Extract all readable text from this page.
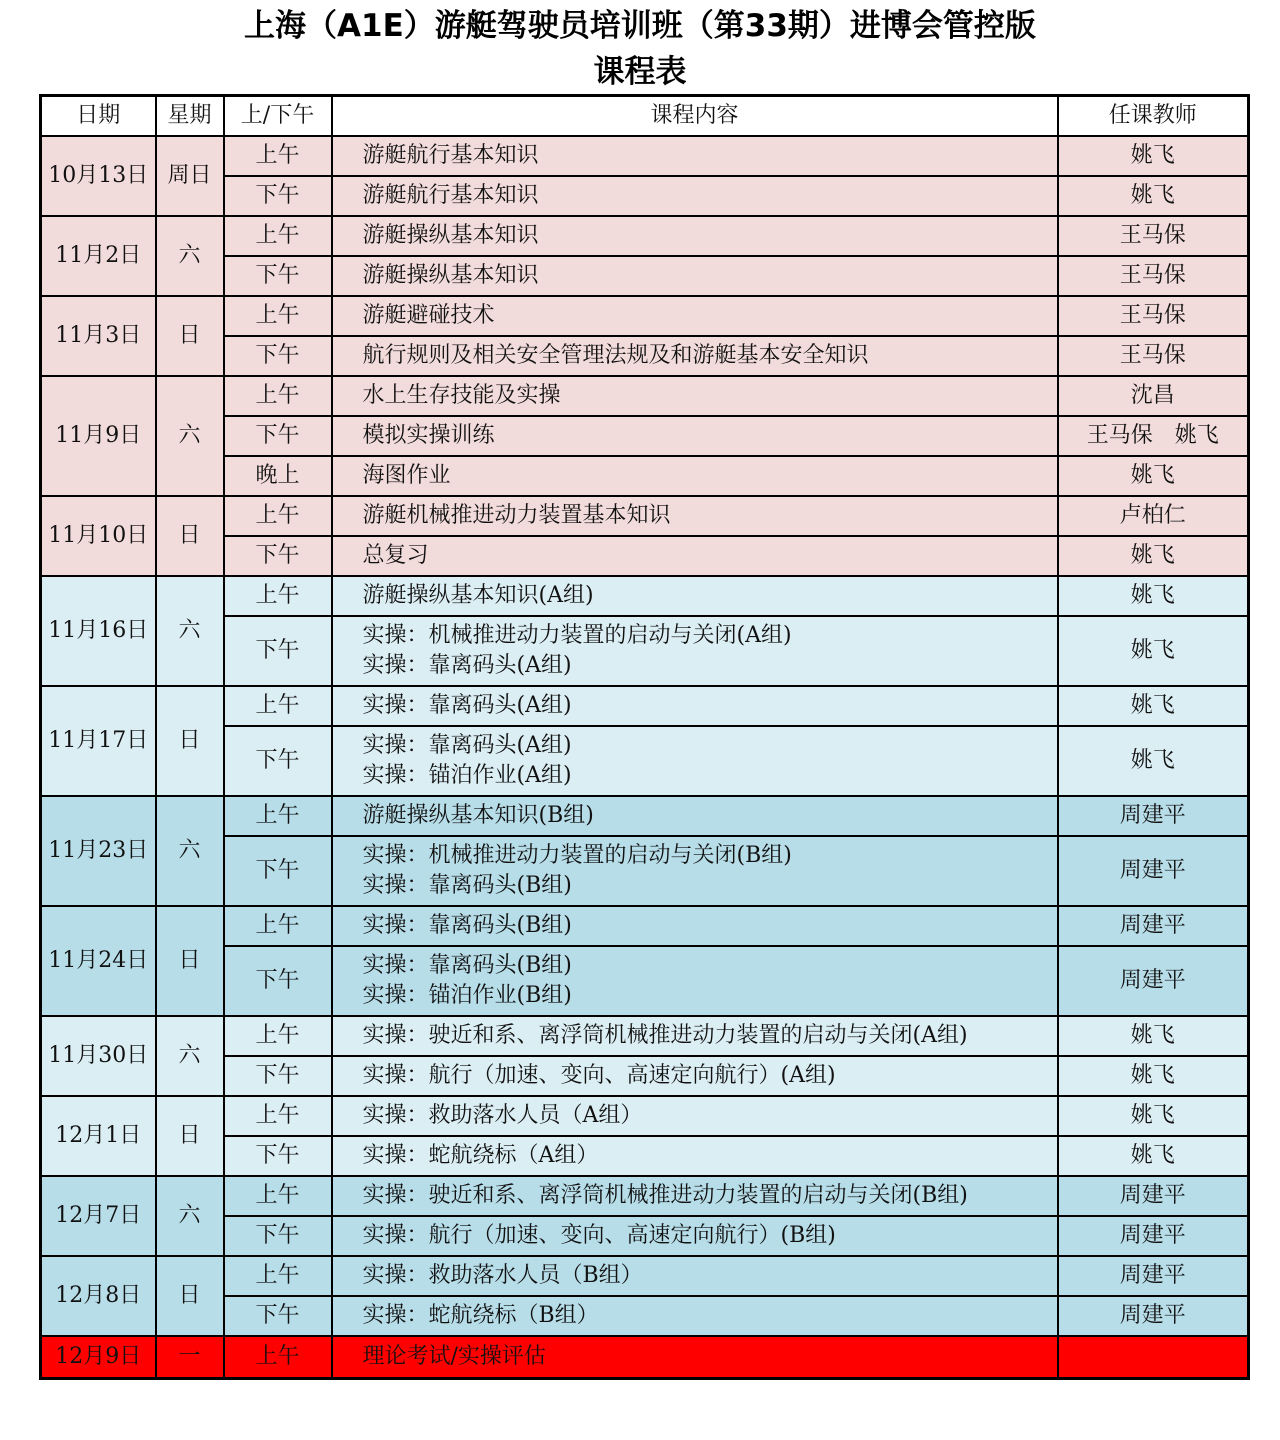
上海（A1E）游艇驾驶员培训班（第33期）进博会管控版
课程表
日期	星期	上/下午	课程内容	任课教师
10月13日	周日	上午	游艇航行基本知识	姚飞
		下午	游艇航行基本知识	姚飞
11月2日	六	上午	游艇操纵基本知识	王马保
		下午	游艇操纵基本知识	王马保
11月3日	日	上午	游艇避碰技术	王马保
		下午	航行规则及相关安全管理法规及和游艇基本安全知识	王马保
11月9日	六	上午	水上生存技能及实操	沈昌
		下午	模拟实操训练	王马保　姚飞
		晚上	海图作业	姚飞
11月10日	日	上午	游艇机械推进动力装置基本知识	卢柏仁
		下午	总复习	姚飞
11月16日	六	上午	游艇操纵基本知识(A组)	姚飞
		下午	实操：机械推进动力装置的启动与关闭(A组)
实操：靠离码头(A组)	姚飞
11月17日	日	上午	实操：靠离码头(A组)	姚飞
		下午	实操：靠离码头(A组)
实操：锚泊作业(A组)	姚飞
11月23日	六	上午	游艇操纵基本知识(B组)	周建平
		下午	实操：机械推进动力装置的启动与关闭(B组)
实操：靠离码头(B组)	周建平
11月24日	日	上午	实操：靠离码头(B组)	周建平
		下午	实操：靠离码头(B组)
实操：锚泊作业(B组)	周建平
11月30日	六	上午	实操：驶近和系、离浮筒机械推进动力装置的启动与关闭(A组)	姚飞
		下午	实操：航行（加速、变向、高速定向航行）(A组)	姚飞
12月1日	日	上午	实操：救助落水人员（A组）	姚飞
		下午	实操：蛇航绕标（A组）	姚飞
12月7日	六	上午	实操：驶近和系、离浮筒机械推进动力装置的启动与关闭(B组)	周建平
		下午	实操：航行（加速、变向、高速定向航行）(B组)	周建平
12月8日	日	上午	实操：救助落水人员（B组）	周建平
		下午	实操：蛇航绕标（B组）	周建平
12月9日	一	上午	理论考试/实操评估	
